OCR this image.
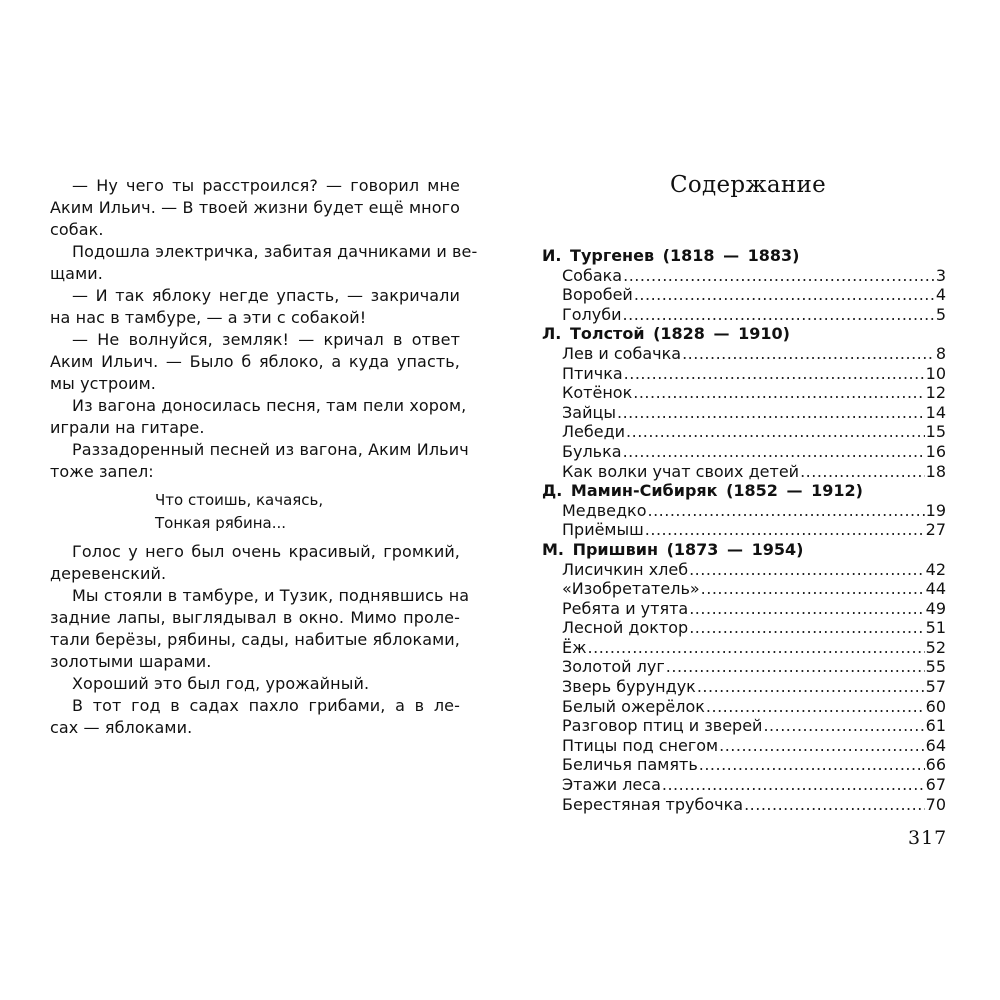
— Ну чего ты расстроился? — говорил мне
Аким Ильич. — В твоей жизни будет ещё много
собак.
Подошла электричка, забитая дачниками и ве-
щами.
— И так яблоку негде упасть, — закричали
на нас в тамбуре, — а эти с собакой!
— Не волнуйся, земляк! — кричал в ответ
Аким Ильич. — Было б яблоко, а куда упасть,
мы устроим.
Из вагона доносилась песня, там пели хором,
играли на гитаре.
Раззадоренный песней из вагона, Аким Ильич
тоже запел:
Что стоишь, качаясь,
Тонкая рябина...
Голос у него был очень красивый, громкий,
деревенский.
Мы стояли в тамбуре, и Тузик, поднявшись на
задние лапы, выглядывал в окно. Мимо проле-
тали берёзы, рябины, сады, набитые яблоками,
золотыми шарами.
Хороший это был год, урожайный.
В тот год в садах пахло грибами, а в ле-
сах — яблоками.
Содержание
И. Тургенев (1818 — 1883)
Собака .....	3
Воробей .....	4
Голуби .....	5
Л. Толстой (1828 — 1910)
Лев и собачка .....	8
Птичка .....	10
Котёнок .....	12
Зайцы .....	14
Лебеди .....	15
Булька .....	16
Как волки учат своих детей .....	18
Д. Мамин-Сибиряк (1852 — 1912)
Медведко .....	19
Приёмыш .....	27
М. Пришвин (1873 — 1954)
Лисичкин хлеб .....	42
«Изобретатель» .....	44
Ребята и утята .....	49
Лесной доктор .....	51
Ёж .....	52
Золотой луг .....	55
Зверь бурундук .....	57
Белый ожерёлок .....	60
Разговор птиц и зверей .....	61
Птицы под снегом .....	64
Беличья память .....	66
Этажи леса .....	67
Берестяная трубочка .....	70
317
